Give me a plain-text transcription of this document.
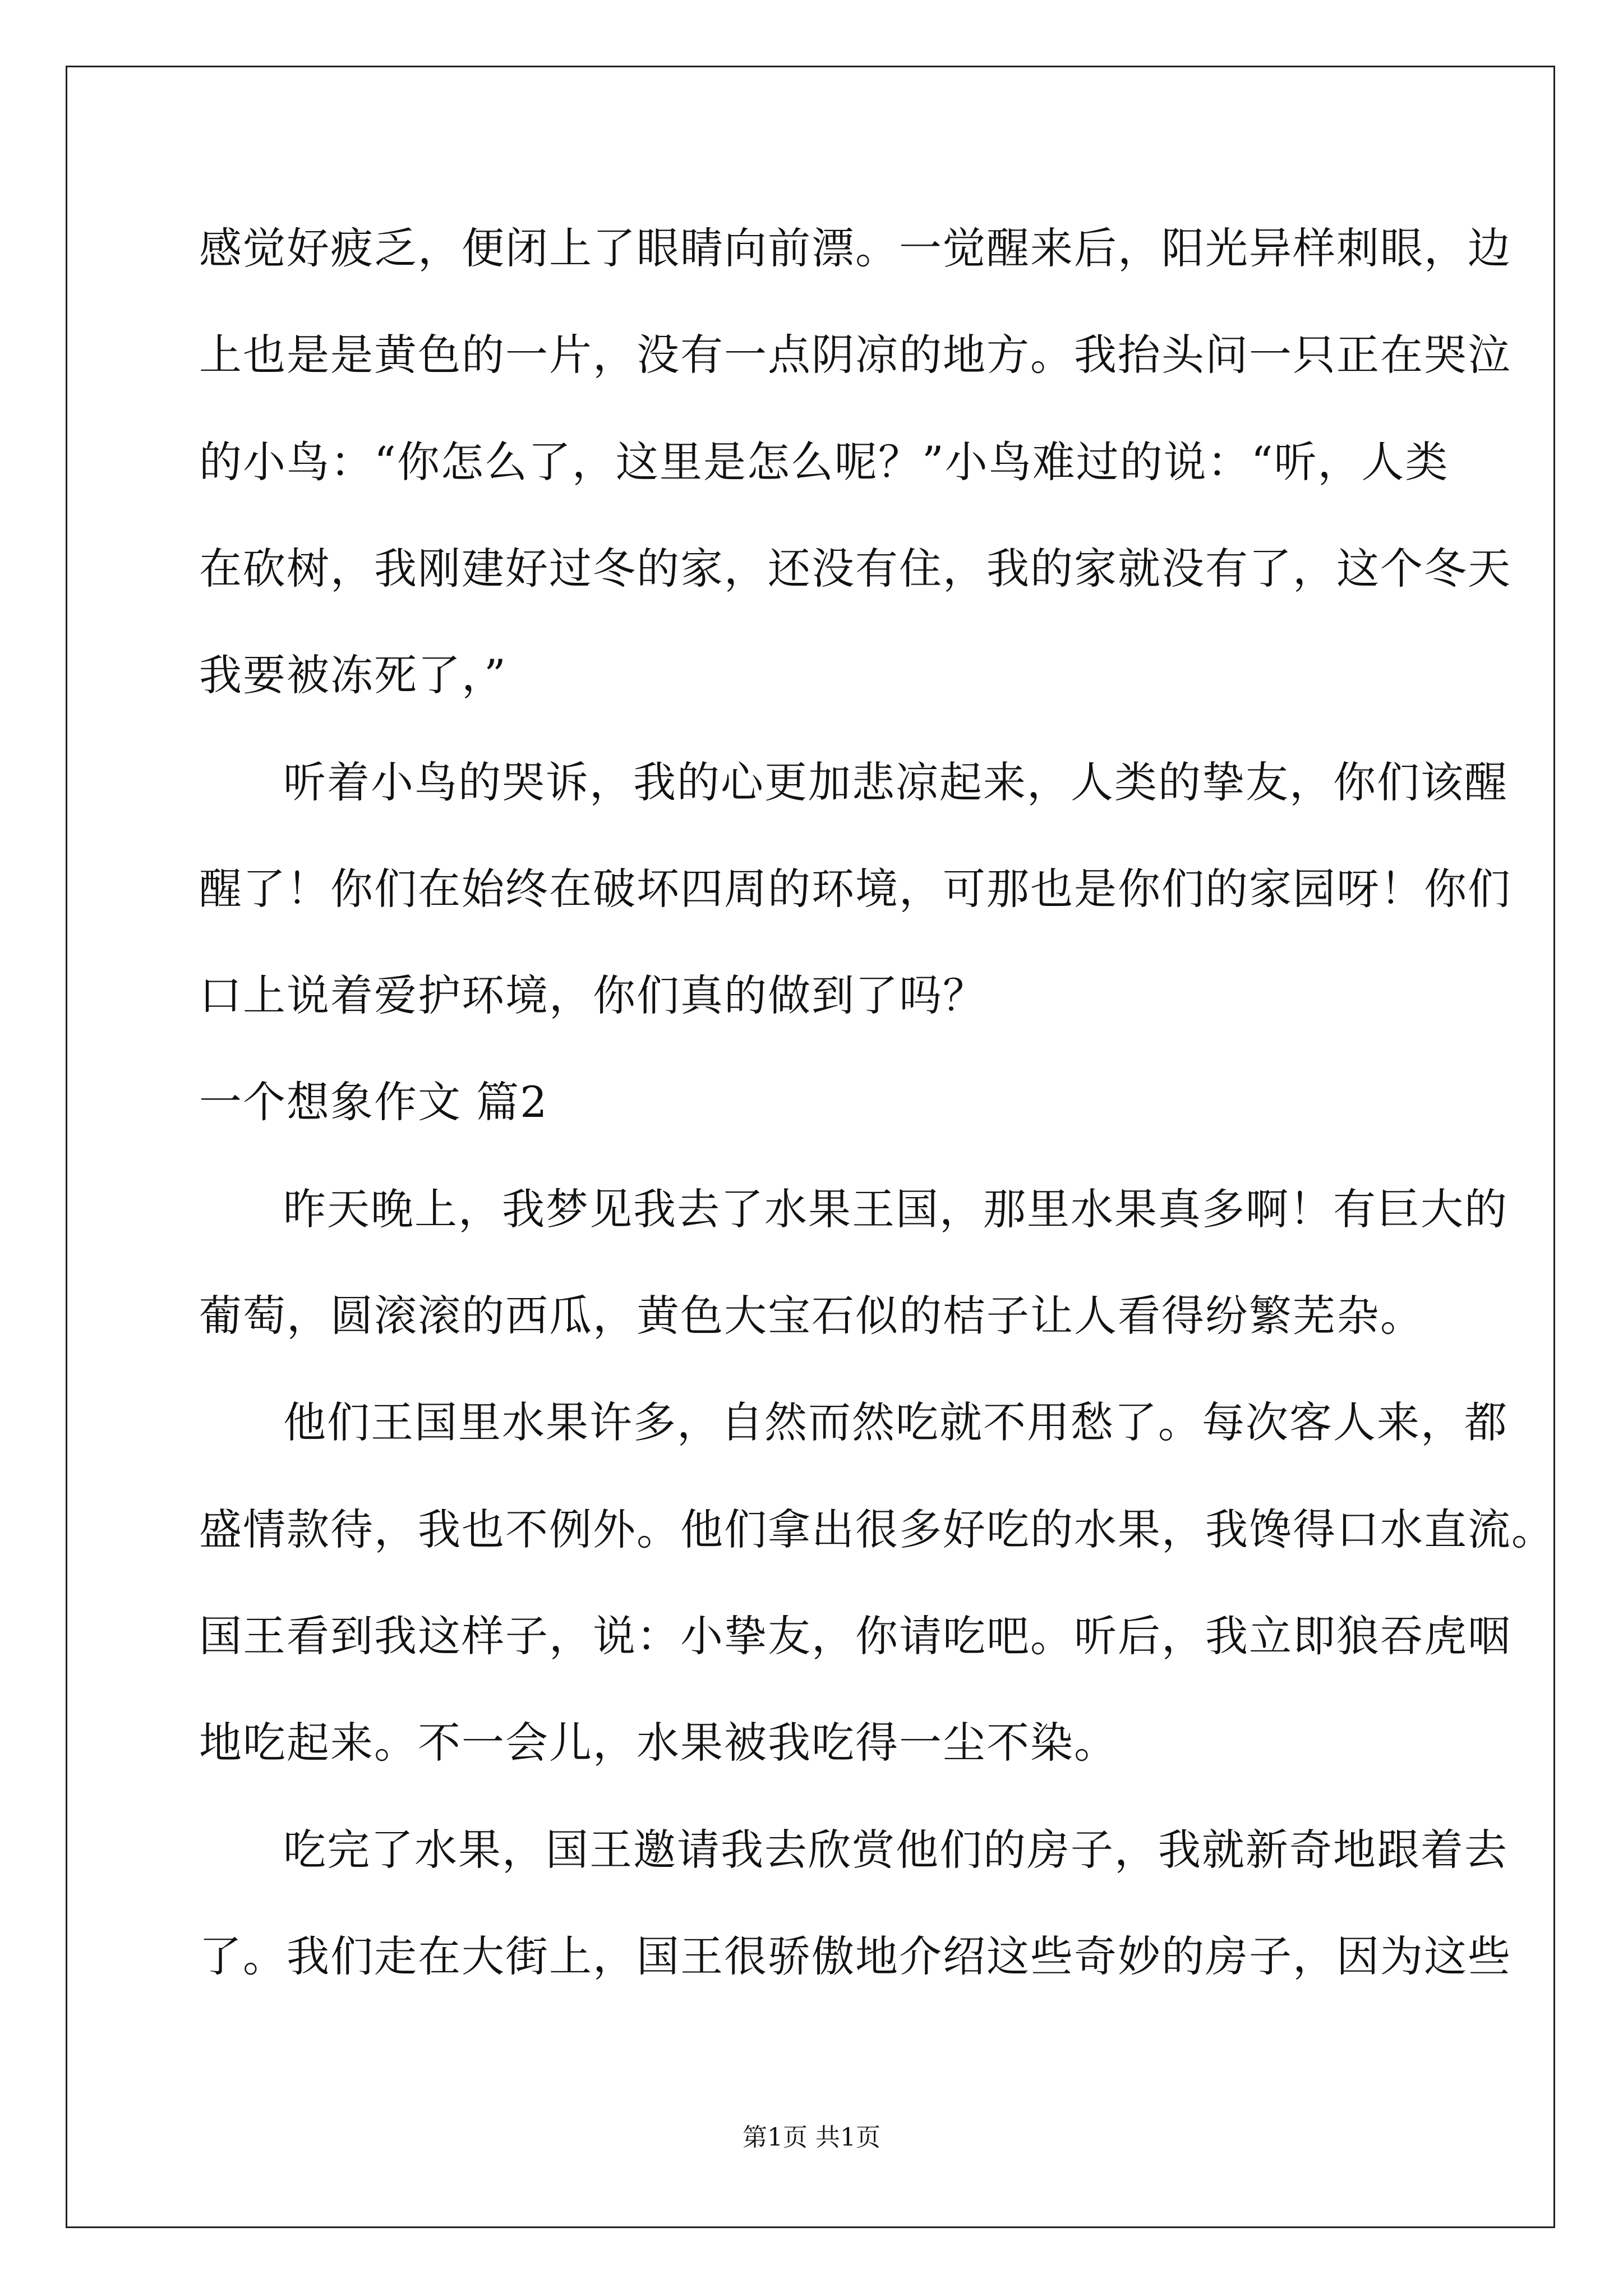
感觉好疲乏，便闭上了眼睛向前漂。一觉醒来后，阳光异样刺眼，边
上也是是黄色的一片，没有一点阴凉的地方。我抬头问一只正在哭泣
的小鸟：“你怎么了，这里是怎么呢？”小鸟难过的说：“听，人类
在砍树，我刚建好过冬的家，还没有住，我的家就没有了，这个冬天
我要被冻死了，”
听着小鸟的哭诉，我的心更加悲凉起来，人类的挚友，你们该醒
醒了！你们在始终在破坏四周的环境，可那也是你们的家园呀！你们
口上说着爱护环境，你们真的做到了吗？
一个想象作文 篇2
昨天晚上，我梦见我去了水果王国，那里水果真多啊！有巨大的
葡萄，圆滚滚的西瓜，黄色大宝石似的桔子让人看得纷繁芜杂。
他们王国里水果许多，自然而然吃就不用愁了。每次客人来，都
盛情款待，我也不例外。他们拿出很多好吃的水果，我馋得口水直流。
国王看到我这样子，说：小挚友，你请吃吧。听后，我立即狼吞虎咽
地吃起来。不一会儿，水果被我吃得一尘不染。
吃完了水果，国王邀请我去欣赏他们的房子，我就新奇地跟着去
了。我们走在大街上，国王很骄傲地介绍这些奇妙的房子，因为这些
第1页 共1页
